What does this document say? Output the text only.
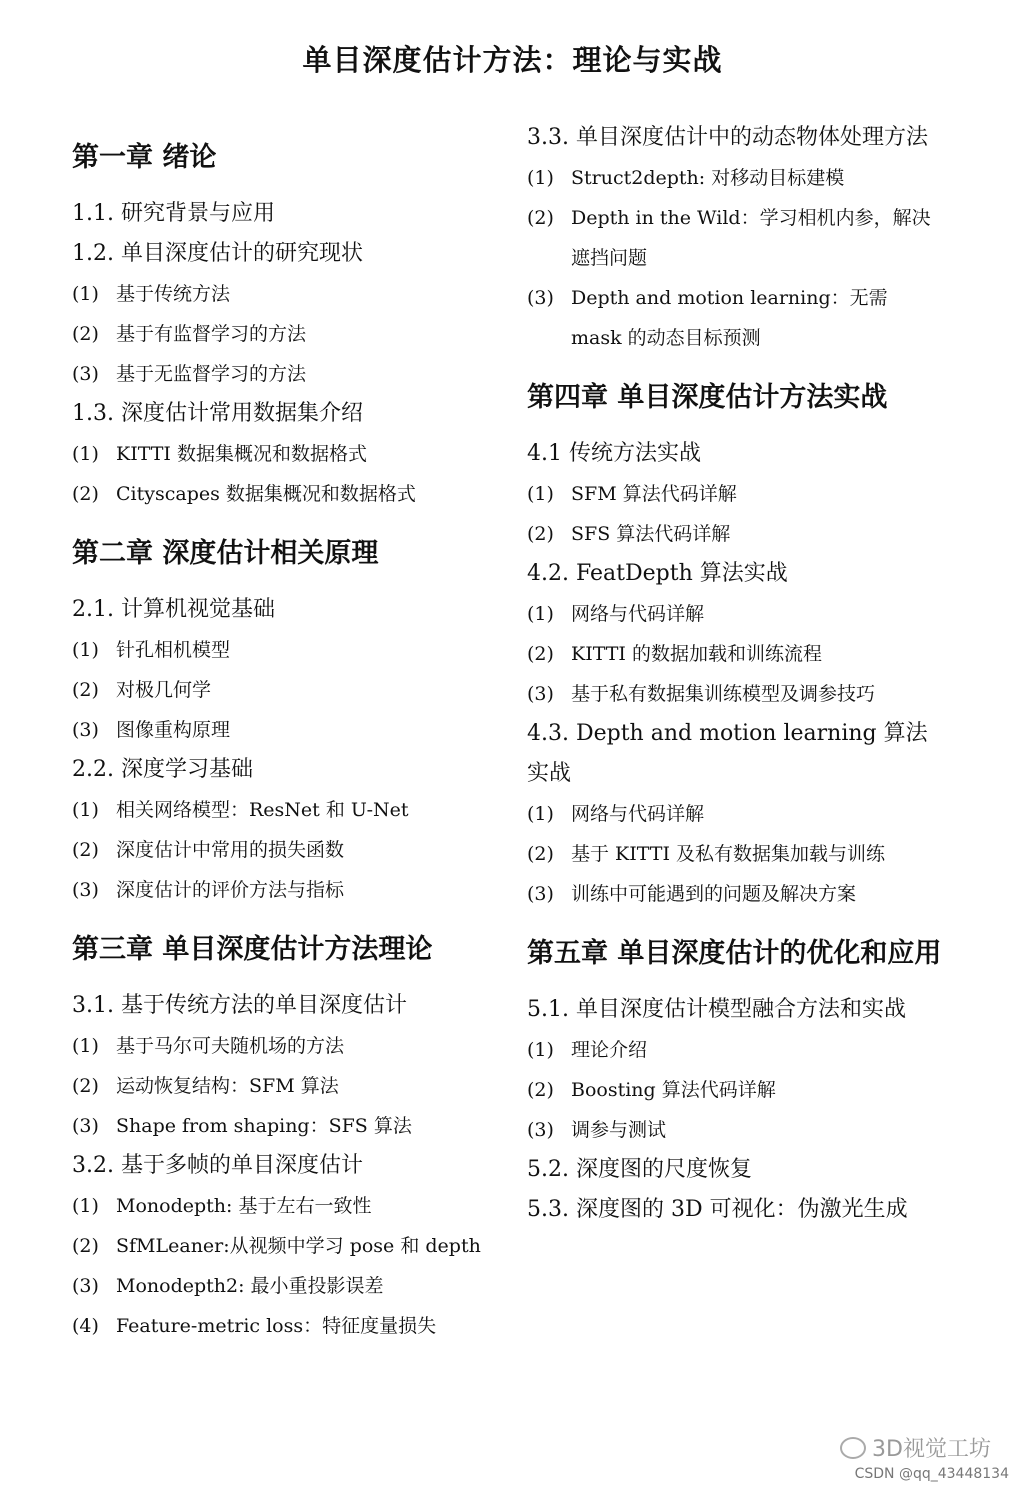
单目深度估计方法：理论与实战
第一章 绪论
1.1. 研究背景与应用
1.2. 单目深度估计的研究现状
(1) 基于传统方法
(2) 基于有监督学习的方法
(3) 基于无监督学习的方法
1.3. 深度估计常用数据集介绍
(1) KITTI 数据集概况和数据格式
(2) Cityscapes 数据集概况和数据格式
第二章 深度估计相关原理
2.1. 计算机视觉基础
(1) 针孔相机模型
(2) 对极几何学
(3) 图像重构原理
2.2. 深度学习基础
(1) 相关网络模型：ResNet 和 U-Net
(2) 深度估计中常用的损失函数
(3) 深度估计的评价方法与指标
第三章 单目深度估计方法理论
3.1. 基于传统方法的单目深度估计
(1) 基于马尔可夫随机场的方法
(2) 运动恢复结构：SFM 算法
(3) Shape from shaping：SFS 算法
3.2. 基于多帧的单目深度估计
(1) Monodepth: 基于左右一致性
(2) SfMLeaner:从视频中学习 pose 和 depth
(3) Monodepth2: 最小重投影误差
(4) Feature-metric loss：特征度量损失
3.3. 单目深度估计中的动态物体处理方法
(1) Struct2depth: 对移动目标建模
(2) Depth in the Wild：学习相机内参，解决遮挡问题
(3) Depth and motion learning：无需 mask 的动态目标预测
第四章 单目深度估计方法实战
4.1 传统方法实战
(1) SFM 算法代码详解
(2) SFS 算法代码详解
4.2. FeatDepth 算法实战
(1) 网络与代码详解
(2) KITTI 的数据加载和训练流程
(3) 基于私有数据集训练模型及调参技巧
4.3. Depth and motion learning 算法实战
(1) 网络与代码详解
(2) 基于 KITTI 及私有数据集加载与训练
(3) 训练中可能遇到的问题及解决方案
第五章 单目深度估计的优化和应用
5.1. 单目深度估计模型融合方法和实战
(1) 理论介绍
(2) Boosting 算法代码详解
(3) 调参与测试
5.2. 深度图的尺度恢复
5.3. 深度图的 3D 可视化：伪激光生成
3D视觉工坊
CSDN @qq_43448134
